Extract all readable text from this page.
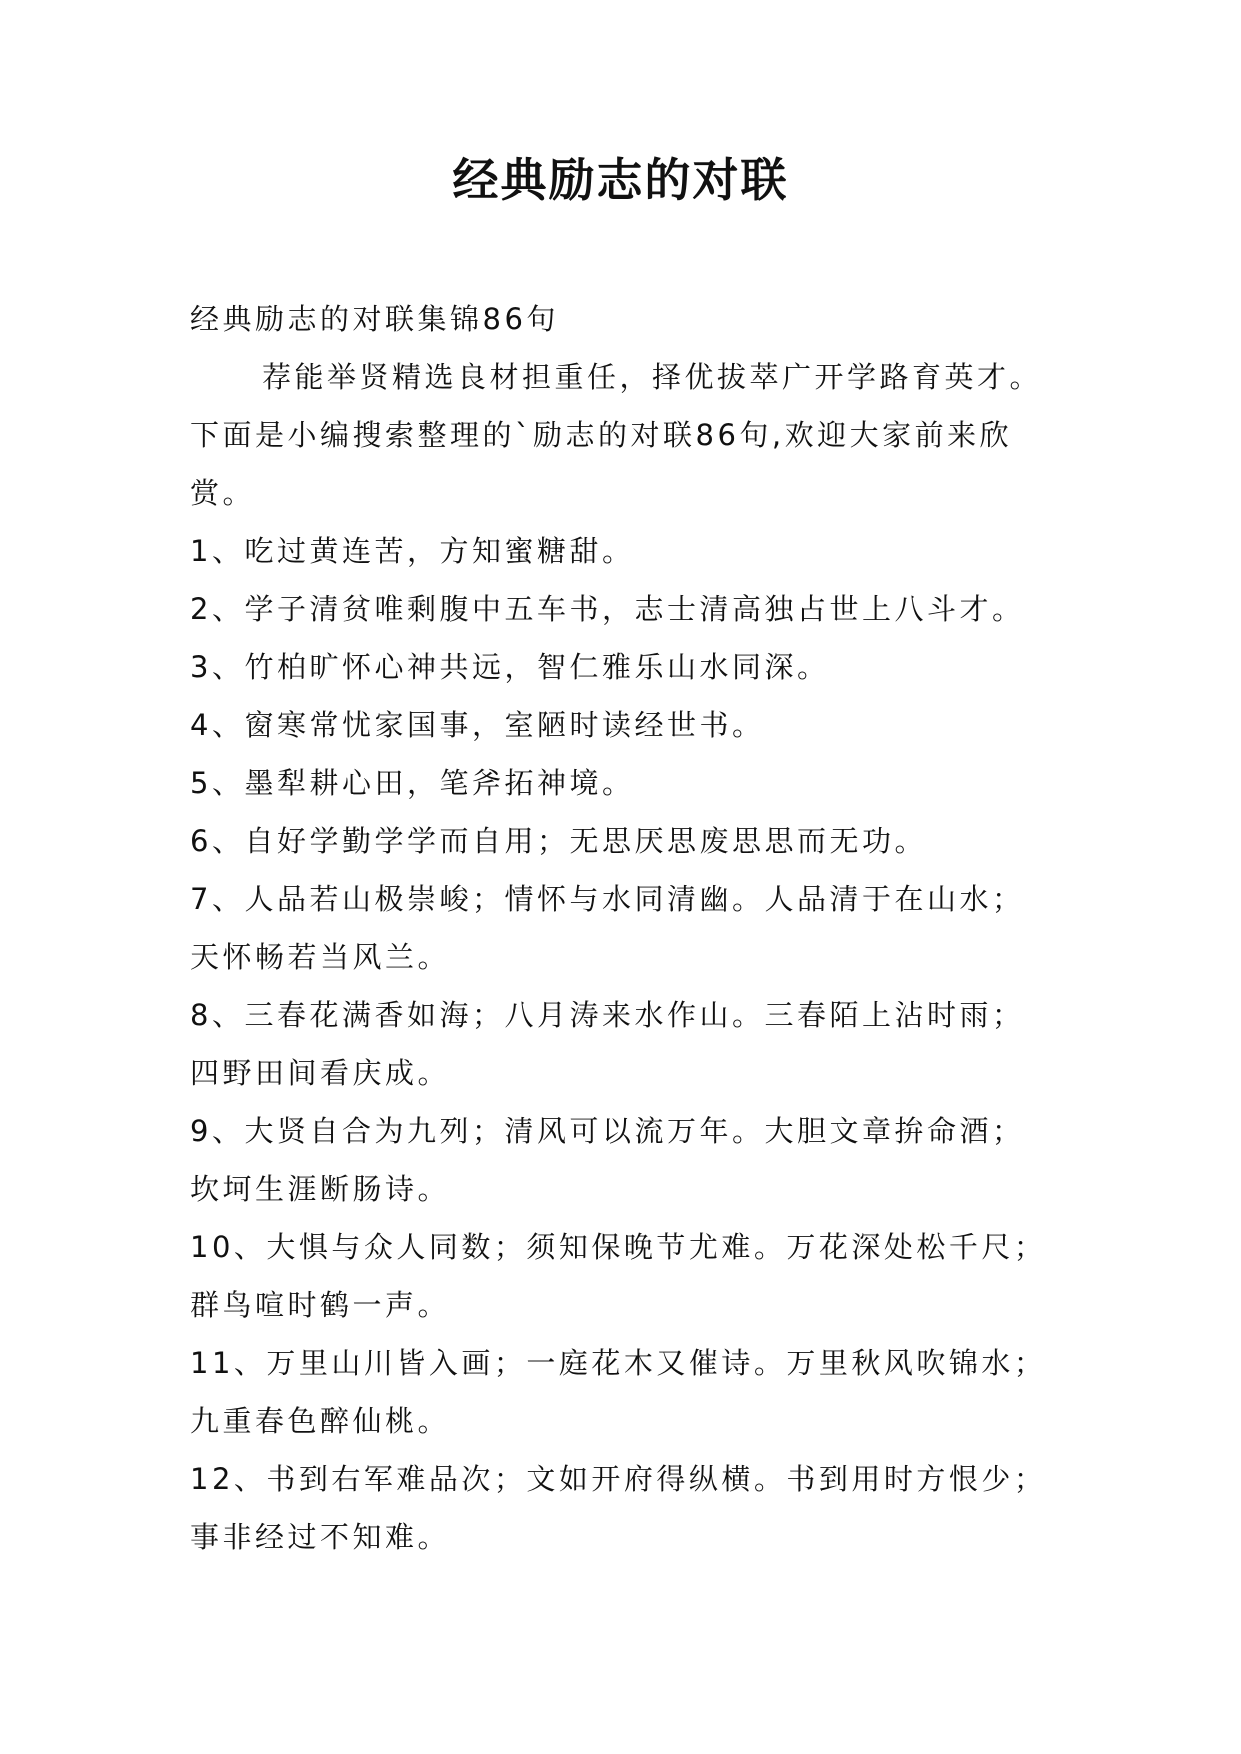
经典励志的对联

经典励志的对联集锦86句

荐能举贤精选良材担重任，择优拔萃广开学路育英才。

下面是小编搜索整理的`励志的对联86句,欢迎大家前来欣

赏。

1、吃过黄连苦，方知蜜糖甜。

2、学子清贫唯剩腹中五车书，志士清高独占世上八斗才。

3、竹柏旷怀心神共远，智仁雅乐山水同深。

4、窗寒常忧家国事，室陋时读经世书。

5、墨犁耕心田，笔斧拓神境。

6、自好学勤学学而自用；无思厌思废思思而无功。

7、人品若山极崇峻；情怀与水同清幽。人品清于在山水；

天怀畅若当风兰。

8、三春花满香如海；八月涛来水作山。三春陌上沾时雨；

四野田间看庆成。

9、大贤自合为九列；清风可以流万年。大胆文章拚命酒；

坎坷生涯断肠诗。

10、大惧与众人同数；须知保晚节尤难。万花深处松千尺；

群鸟喧时鹤一声。

11、万里山川皆入画；一庭花木又催诗。万里秋风吹锦水；

九重春色醉仙桃。

12、书到右军难品次；文如开府得纵横。书到用时方恨少；

事非经过不知难。
